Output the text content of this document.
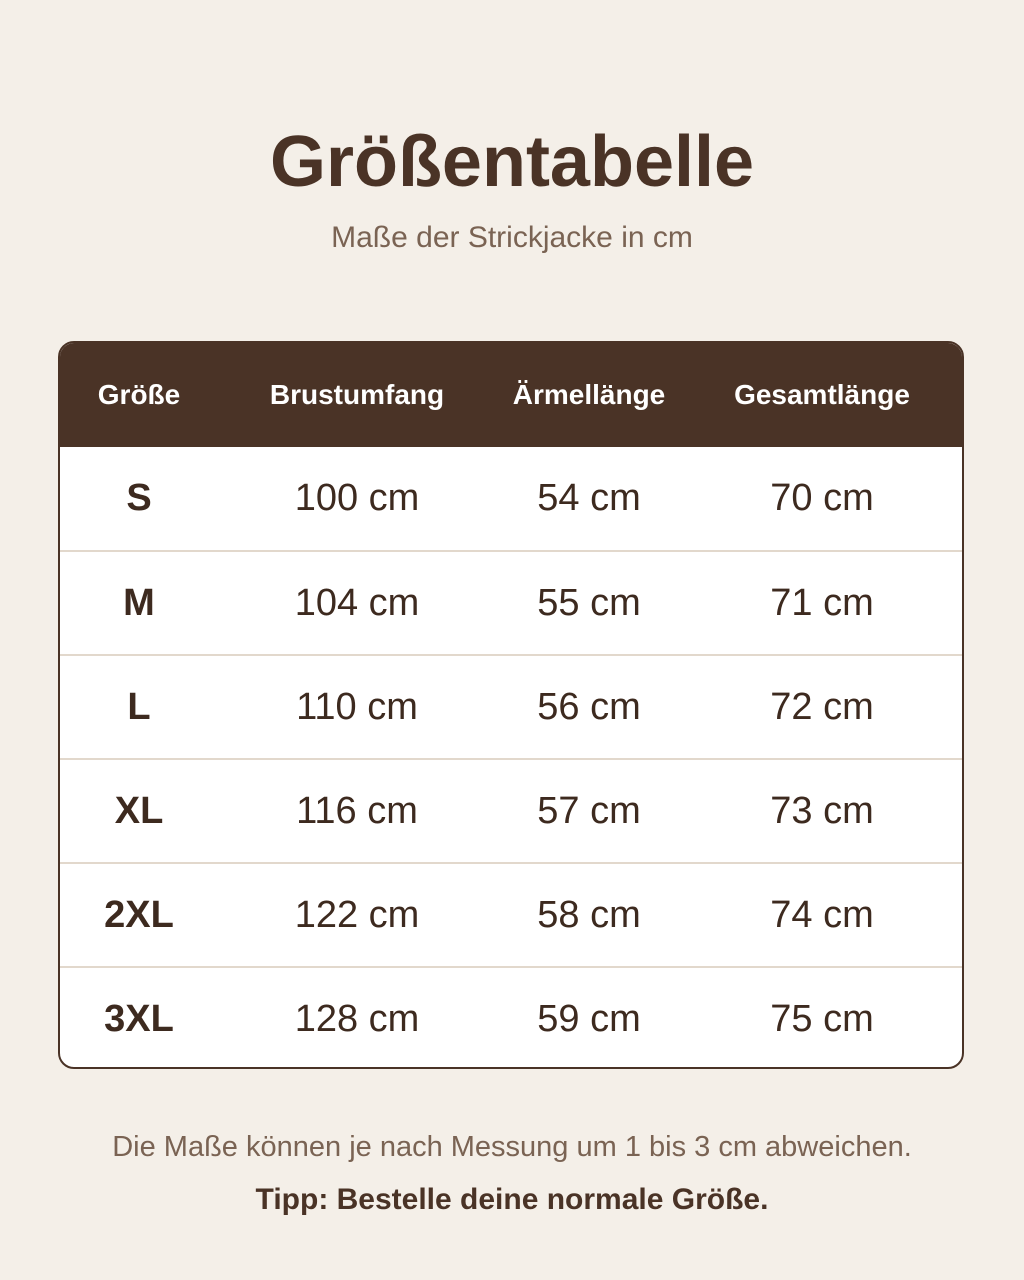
Größentabelle

Maße der Strickjacke in cm

Größe	Brustumfang	Ärmellänge	Gesamtlänge
S	100 cm	54 cm	70 cm
M	104 cm	55 cm	71 cm
L	110 cm	56 cm	72 cm
XL	116 cm	57 cm	73 cm
2XL	122 cm	58 cm	74 cm
3XL	128 cm	59 cm	75 cm

Die Maße können je nach Messung um 1 bis 3 cm abweichen.

Tipp: Bestelle deine normale Größe.
